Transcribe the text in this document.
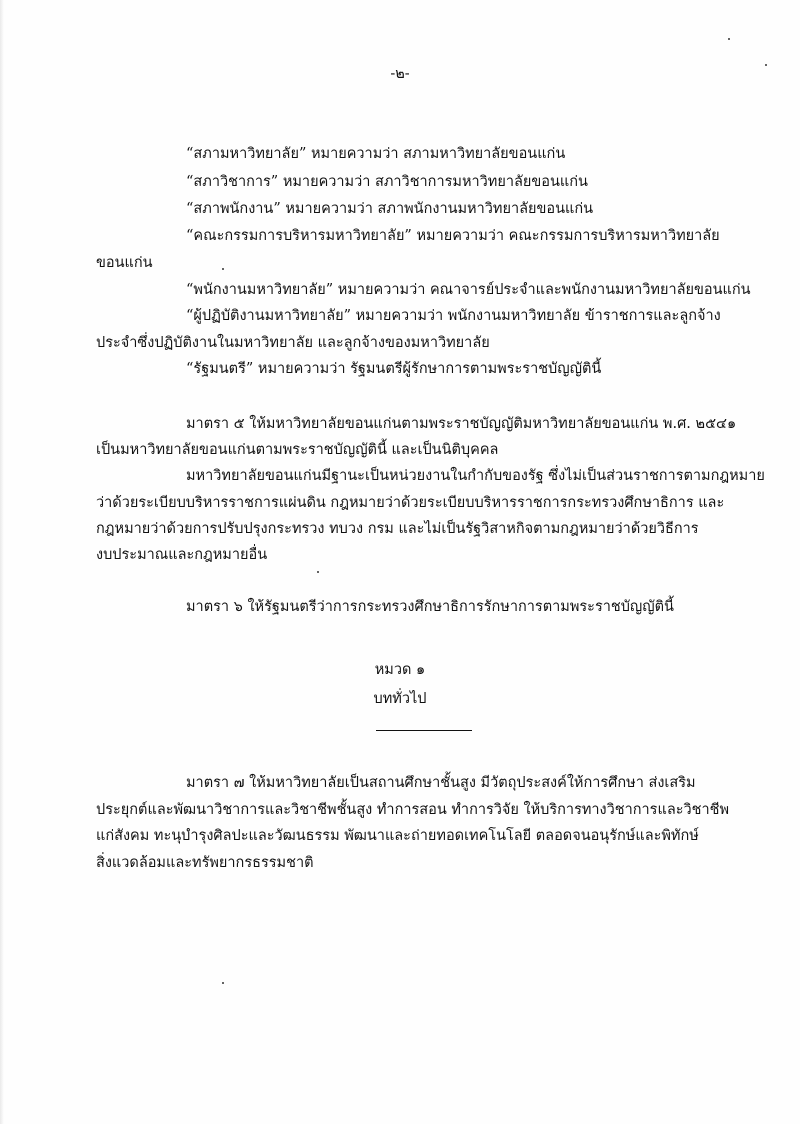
-๒-
“สภามหาวิทยาลัย” หมายความว่า สภามหาวิทยาลัยขอนแก่น
“สภาวิชาการ” หมายความว่า สภาวิชาการมหาวิทยาลัยขอนแก่น
“สภาพนักงาน” หมายความว่า สภาพนักงานมหาวิทยาลัยขอนแก่น
“คณะกรรมการบริหารมหาวิทยาลัย” หมายความว่า คณะกรรมการบริหารมหาวิทยาลัย
ขอนแก่น
“พนักงานมหาวิทยาลัย” หมายความว่า คณาจารย์ประจำและพนักงานมหาวิทยาลัยขอนแก่น
“ผู้ปฏิบัติงานมหาวิทยาลัย” หมายความว่า พนักงานมหาวิทยาลัย ข้าราชการและลูกจ้าง
ประจำซึ่งปฏิบัติงานในมหาวิทยาลัย และลูกจ้างของมหาวิทยาลัย
“รัฐมนตรี” หมายความว่า รัฐมนตรีผู้รักษาการตามพระราชบัญญัตินี้
มาตรา ๕ ให้มหาวิทยาลัยขอนแก่นตามพระราชบัญญัติมหาวิทยาลัยขอนแก่น พ.ศ. ๒๕๔๑
เป็นมหาวิทยาลัยขอนแก่นตามพระราชบัญญัตินี้ และเป็นนิติบุคคล
มหาวิทยาลัยขอนแก่นมีฐานะเป็นหน่วยงานในกำกับของรัฐ ซึ่งไม่เป็นส่วนราชการตามกฎหมาย
ว่าด้วยระเบียบบริหารราชการแผ่นดิน กฎหมายว่าด้วยระเบียบบริหารราชการกระทรวงศึกษาธิการ และ
กฎหมายว่าด้วยการปรับปรุงกระทรวง ทบวง กรม และไม่เป็นรัฐวิสาหกิจตามกฎหมายว่าด้วยวิธีการ
งบประมาณและกฎหมายอื่น
มาตรา ๖ ให้รัฐมนตรีว่าการกระทรวงศึกษาธิการรักษาการตามพระราชบัญญัตินี้
หมวด ๑
บททั่วไป
มาตรา ๗ ให้มหาวิทยาลัยเป็นสถานศึกษาชั้นสูง มีวัตถุประสงค์ให้การศึกษา ส่งเสริม
ประยุกต์และพัฒนาวิชาการและวิชาชีพชั้นสูง ทำการสอน ทำการวิจัย ให้บริการทางวิชาการและวิชาชีพ
แก่สังคม ทะนุบำรุงศิลปะและวัฒนธรรม พัฒนาและถ่ายทอดเทคโนโลยี ตลอดจนอนุรักษ์และพิทักษ์
สิ่งแวดล้อมและทรัพยากรธรรมชาติ
